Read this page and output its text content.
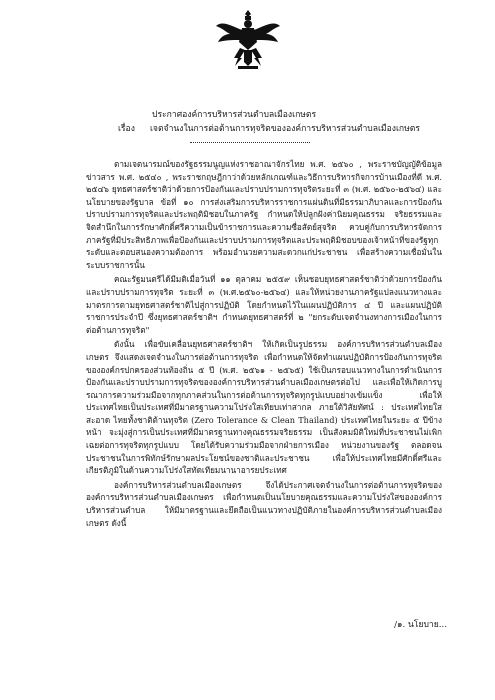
ประกาศองค์การบริหารส่วนตำบลเมืองเกษตร
เรื่อง เจตจำนงในการต่อต้านการทุจริตขององค์การบริหารส่วนตำบลเมืองเกษตร

ตามเจตนารมณ์ของรัฐธรรมนูญแห่งราชอาณาจักรไทย พ.ศ. ๒๕๖๐ , พระราชบัญญัติข้อมูลข่าวสาร พ.ศ. ๒๕๔๐ , พระราชกฤษฎีกาว่าด้วยหลักเกณฑ์และวิธีการบริหารกิจการบ้านเมืองที่ดี พ.ศ. ๒๕๔๖ ยุทธศาสตร์ชาติว่าด้วยการป้องกันและปราบปรามการทุจริตระยะที่ ๓ (พ.ศ. ๒๕๖๐-๒๕๖๔) และนโยบายของรัฐบาล ข้อที่ ๑๐ การส่งเสริมการบริหารราชการแผ่นดินที่มีธรรมาภิบาลและการป้องกันปราบปรามการทุจริตและประพฤติมิชอบในภาครัฐ กำหนดให้ปลูกฝังค่านิยมคุณธรรม จริยธรรมและจิตสำนึกในการรักษาศักดิ์ศรีความเป็นข้าราชการและความซื่อสัตย์สุจริต ควบคู่กับการบริหารจัดการภาครัฐที่มีประสิทธิภาพเพื่อป้องกันและปราบปรามการทุจริตและประพฤติมิชอบของเจ้าหน้าที่ของรัฐทุกระดับและตอบสนองความต้องการ พร้อมอำนวยความสะดวกแก่ประชาชน เพื่อสร้างความเชื่อมั่นในระบบราชการนั้น

คณะรัฐมนตรีได้มีมติเมื่อวันที่ ๑๑ ตุลาคม ๒๕๕๙ เห็นชอบยุทธศาสตร์ชาติว่าด้วยการป้องกันและปราบปรามการทุจริต ระยะที่ ๓ (พ.ศ.๒๕๖๐-๒๕๖๔) และให้หน่วยงานภาครัฐแปลงแนวทางและมาตรการตามยุทธศาสตร์ชาติไปสู่การปฏิบัติ โดยกำหนดไว้ในแผนปฏิบัติการ ๔ ปี และแผนปฏิบัติราชการประจำปี ซึ่งยุทธศาสตร์ชาติฯ กำหนดยุทธศาสตร์ที่ ๒ "ยกระดับเจตจำนงทางการเมืองในการต่อต้านการทุจริต"

ดังนั้น เพื่อขับเคลื่อนยุทธศาสตร์ชาติฯ ให้เกิดเป็นรูปธรรม องค์การบริหารส่วนตำบลเมืองเกษตร จึงแสดงเจตจำนงในการต่อต้านการทุจริต เพื่อกำหนดให้จัดทำแผนปฏิบัติการป้องกันการทุจริตขององค์กรปกครองส่วนท้องถิ่น ๕ ปี (พ.ศ. ๒๕๖๑ - ๒๕๖๕) ใช้เป็นกรอบแนวทางในการดำเนินการป้องกันและปราบปรามการทุจริตขององค์การบริหารส่วนตำบลเมืองเกษตรต่อไป และเพื่อให้เกิดการบูรณาการความร่วมมือจากทุกภาคส่วนในการต่อต้านการทุจริตทุกรูปแบบอย่างเข้มแข็ง เพื่อให้ประเทศไทยเป็นประเทศที่มีมาตรฐานความโปร่งใสเทียบเท่าสากล ภายใต้วิสัยทัศน์ : ประเทศไทยใสสะอาด ไทยทั้งชาติต้านทุจริต (Zero Tolerance & Clean Thailand) ประเทศไทยในระยะ ๕ ปีข้างหน้า จะมุ่งสู่การเป็นประเทศที่มีมาตรฐานทางคุณธรรมจริยธรรม เป็นสังคมมิติใหม่ที่ประชาชนไม่เพิกเฉยต่อการทุจริตทุกรูปแบบ โดยได้รับความร่วมมือจากฝ่ายการเมือง หน่วยงานของรัฐ ตลอดจนประชาชนในการพิทักษ์รักษาผลประโยชน์ของชาติและประชาชน เพื่อให้ประเทศไทยมีศักดิ์ศรีและเกียรติภูมิในด้านความโปร่งใสทัดเทียมนานาอารยประเทศ

องค์การบริหารส่วนตำบลเมืองเกษตร จึงได้ประกาศเจตจำนงในการต่อต้านการทุจริตขององค์การบริหารส่วนตำบลเมืองเกษตร เพื่อกำหนดเป็นนโยบายคุณธรรมและความโปร่งใสขององค์การบริหารส่วนตำบล ให้มีมาตรฐานและยึดถือเป็นแนวทางปฏิบัติภายในองค์การบริหารส่วนตำบลเมืองเกษตร ดังนี้

/๑. นโยบาย...
